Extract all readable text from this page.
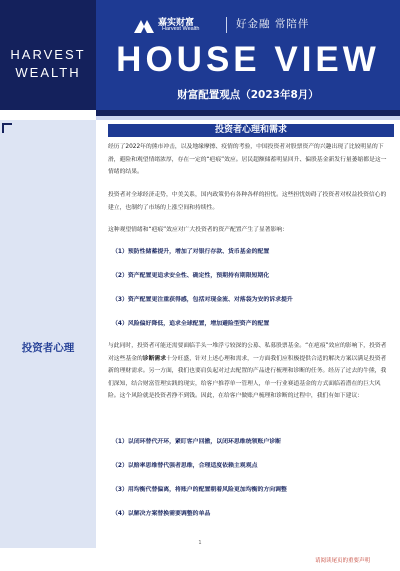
HARVEST
WEALTH
嘉实财富
Harvest Wealth	好金融 常陪伴
HOUSE VIEW
财富配置观点（2023年8月）
投资者心理
投资者心理和需求

经历了2022年的熊市冲击，以及地缘摩擦、疫情的考验，中国投资者对股票资产的兴趣出现了比较明显的下滑，避险和观望情绪浓厚，存在一定的“疤痕”效应。居民超额储蓄明显回升、偏股基金新发行量萎缩都是这一情绪的结果。

投资者对全球经济走势，中美关系，国内政策仍有各种各样的担忧。这些担忧妨碍了投资者对权益投资信心的建立，也制约了市场的上涨空间和持续性。

这种观望情绪和“疤痕”效应对广大投资者的资产配置产生了显著影响：

（1）预防性储蓄提升，增加了对银行存款、货币基金的配置

（2）资产配置更追求安全性、确定性，预期持有期限短期化

（3）资产配置更注重获得感，包括对现金流、对落袋为安的诉求提升

（4）风险偏好降低，追求全球配置，增加避险型资产的配置

与此同时，投资者可能还需要面临手头一堆浮亏较深的公募、私募股票基金。“在疤痕”效应的影响下，投资者对这些基金的诊断需求十分旺盛，针对上述心理和需求，一方面我们应积极提供合适的解决方案以满足投资者新的理财需求。另一方面，我们也要肩负起对过去配置的产品进行梳理和诊断的任务。经历了过去的牛熊，我们深知，结合财富管理实践的现实，给客户推荐单一管理人，单一行业赛道基金的方式面临着潜在的巨大风险。这个风险就是投资者挣不到钱。因此，在给客户做账户梳理和诊断的过程中，我们有如下建议：

（1）以闭环替代开环，紧盯客户回撤，以闭环思维统领账户诊断

（2）以赔率思维替代强者思维，合理适度依赖主观观点

（3）用均衡代替偏离，将账户的配置朝着风险更加均衡的方向调整

（4）以解决方案替换需要调整的单品

1
请阅读尾页的重要声明
